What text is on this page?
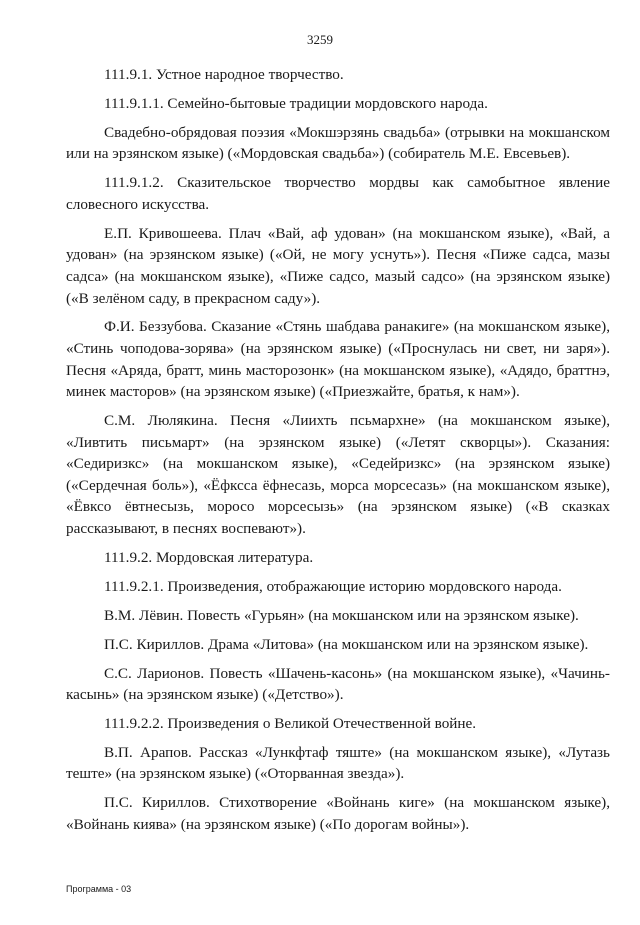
3259

111.9.1. Устное народное творчество.

111.9.1.1. Семейно-бытовые традиции мордовского народа.

Свадебно-обрядовая поэзия «Мокшэрзянь свадьба» (отрывки на мокшанском или на эрзянском языке) («Мордовская свадьба») (собиратель М.Е. Евсевьев).

111.9.1.2. Сказительское творчество мордвы как самобытное явление словесного искусства.

Е.П. Кривошеева. Плач «Вай, аф удован» (на мокшанском языке), «Вай, а удован» (на эрзянском языке) («Ой, не могу уснуть»). Песня «Пиже садса, мазы садса» (на мокшанском языке), «Пиже садсо, мазый садсо» (на эрзянском языке) («В зелёном саду, в прекрасном саду»).

Ф.И. Беззубова. Сказание «Стянь шабдава ранакиге» (на мокшанском языке), «Стинь чоподова-зорява» (на эрзянском языке) («Проснулась ни свет, ни заря»). Песня «Аряда, братт, минь масторозонк» (на мокшанском языке), «Адядо, браттнэ, минек масторов» (на эрзянском языке) («Приезжайте, братья, к нам»).

С.М. Люлякина. Песня «Лиихть псьмархне» (на мокшанском языке), «Ливтить письмарт» (на эрзянском языке) («Летят скворцы»). Сказания: «Седиризкс» (на мокшанском языке), «Седейризкс» (на эрзянском языке) («Сердечная боль»), «Ёфксса ёфнесазь, морса морсесазь» (на мокшанском языке), «Ёвксо ёвтнесызь, моросо морсесызь» (на эрзянском языке) («В сказках рассказывают, в песнях воспевают»).

111.9.2. Мордовская литература.

111.9.2.1. Произведения, отображающие историю мордовского народа.

В.М. Лёвин. Повесть «Гурьян» (на мокшанском или на эрзянском языке).

П.С. Кириллов. Драма «Литова» (на мокшанском или на эрзянском языке).

С.С. Ларионов. Повесть «Шачень-касонь» (на мокшанском языке), «Чачинь-касынь» (на эрзянском языке) («Детство»).

111.9.2.2. Произведения о Великой Отечественной войне.

В.П. Арапов. Рассказ «Лункфтаф тяште» (на мокшанском языке), «Лутазь теште» (на эрзянском языке) («Оторванная звезда»).

П.С. Кириллов. Стихотворение «Войнань киге» (на мокшанском языке), «Войнань киява» (на эрзянском языке) («По дорогам войны»).

Программа - 03
